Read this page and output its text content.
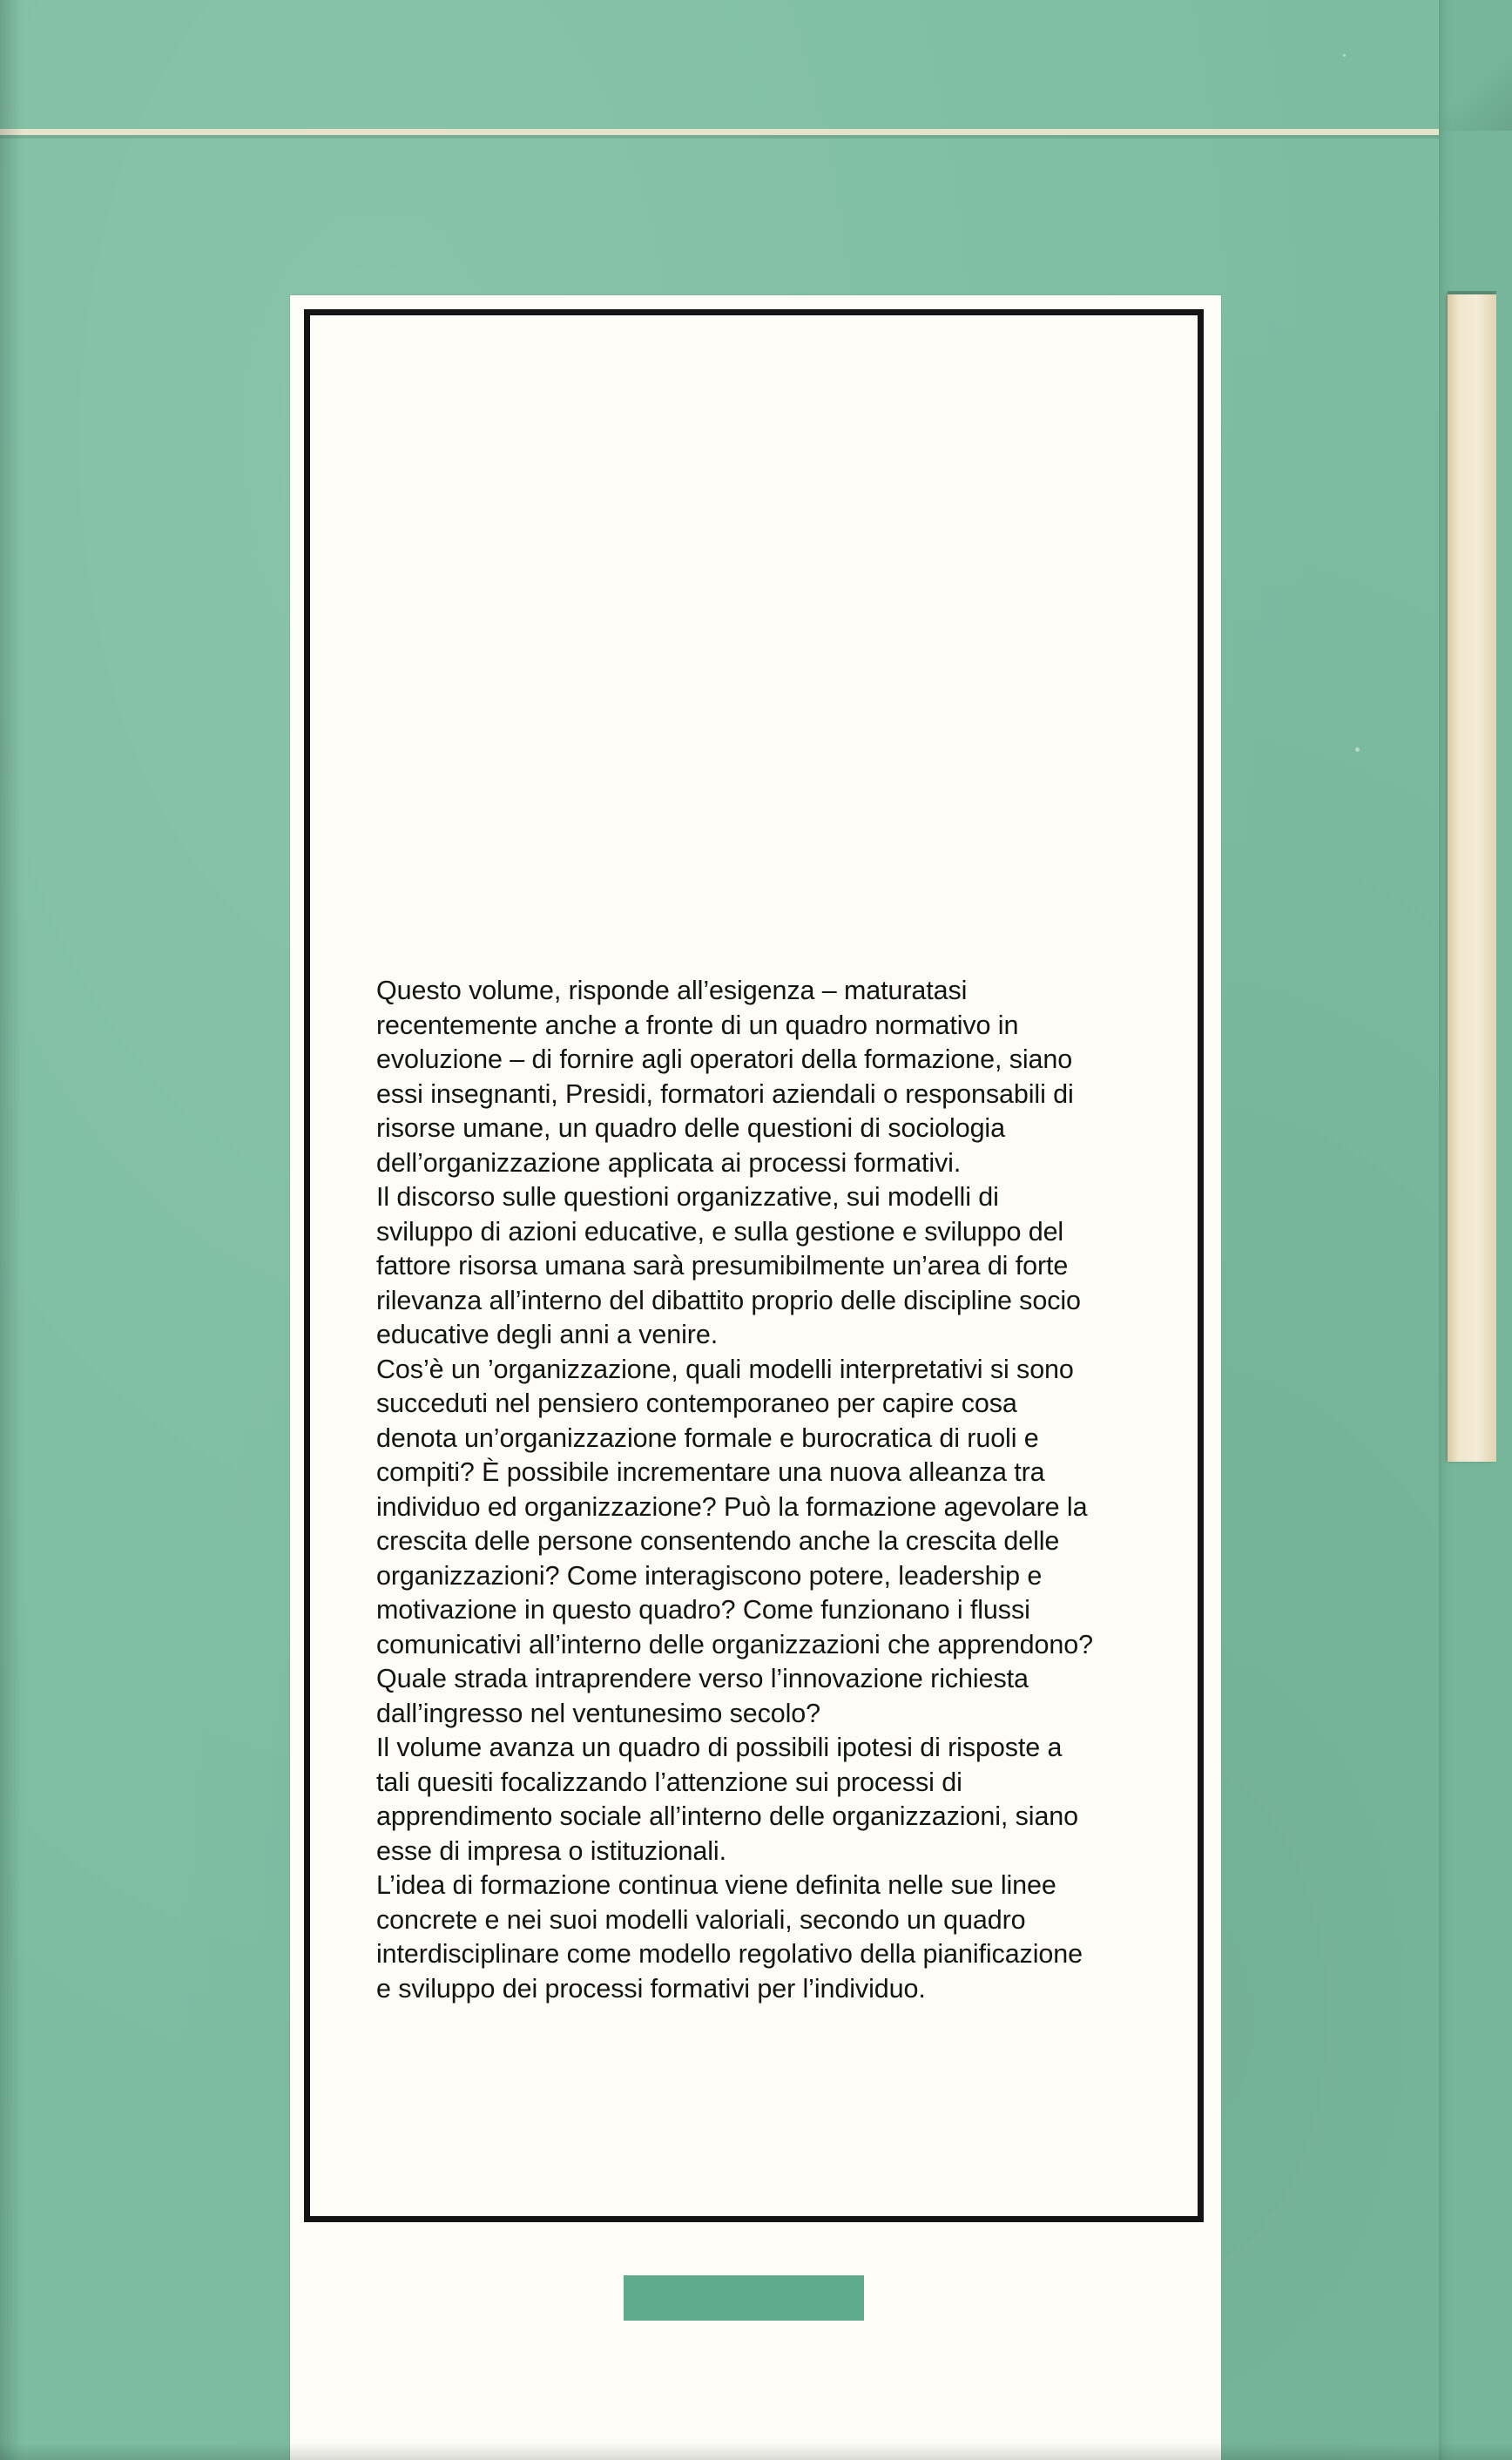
Questo volume, risponde all’esigenza – maturatasi recentemente anche a fronte di un quadro normativo in evoluzione – di fornire agli operatori della formazione, siano essi insegnanti, Presidi, formatori aziendali o responsabili di risorse umane, un quadro delle questioni di sociologia dell’organizzazione applicata ai processi formativi.

Il discorso sulle questioni organizzative, sui modelli di sviluppo di azioni educative, e sulla gestione e sviluppo del fattore risorsa umana sarà presumibilmente un’area di forte rilevanza all’interno del dibattito proprio delle discipline socio educative degli anni a venire.

Cos’è un ’organizzazione, quali modelli interpretativi si sono succeduti nel pensiero contemporaneo per capire cosa denota un’organizzazione formale e burocratica di ruoli e compiti? È possibile incrementare una nuova alleanza tra individuo ed organizzazione? Può la formazione agevolare la crescita delle persone consentendo anche la crescita delle organizzazioni? Come interagiscono potere, leadership e motivazione in questo quadro? Come funzionano i flussi comunicativi all’interno delle organizzazioni che apprendono? Quale strada intraprendere verso l’innovazione richiesta dall’ingresso nel ventunesimo secolo?

Il volume avanza un quadro di possibili ipotesi di risposte a tali quesiti focalizzando l’attenzione sui processi di apprendimento sociale all’interno delle organizzazioni, siano esse di impresa o istituzionali.

L’idea di formazione continua viene definita nelle sue linee concrete e nei suoi modelli valoriali, secondo un quadro interdisciplinare come modello regolativo della pianificazione e sviluppo dei processi formativi per l’individuo.
